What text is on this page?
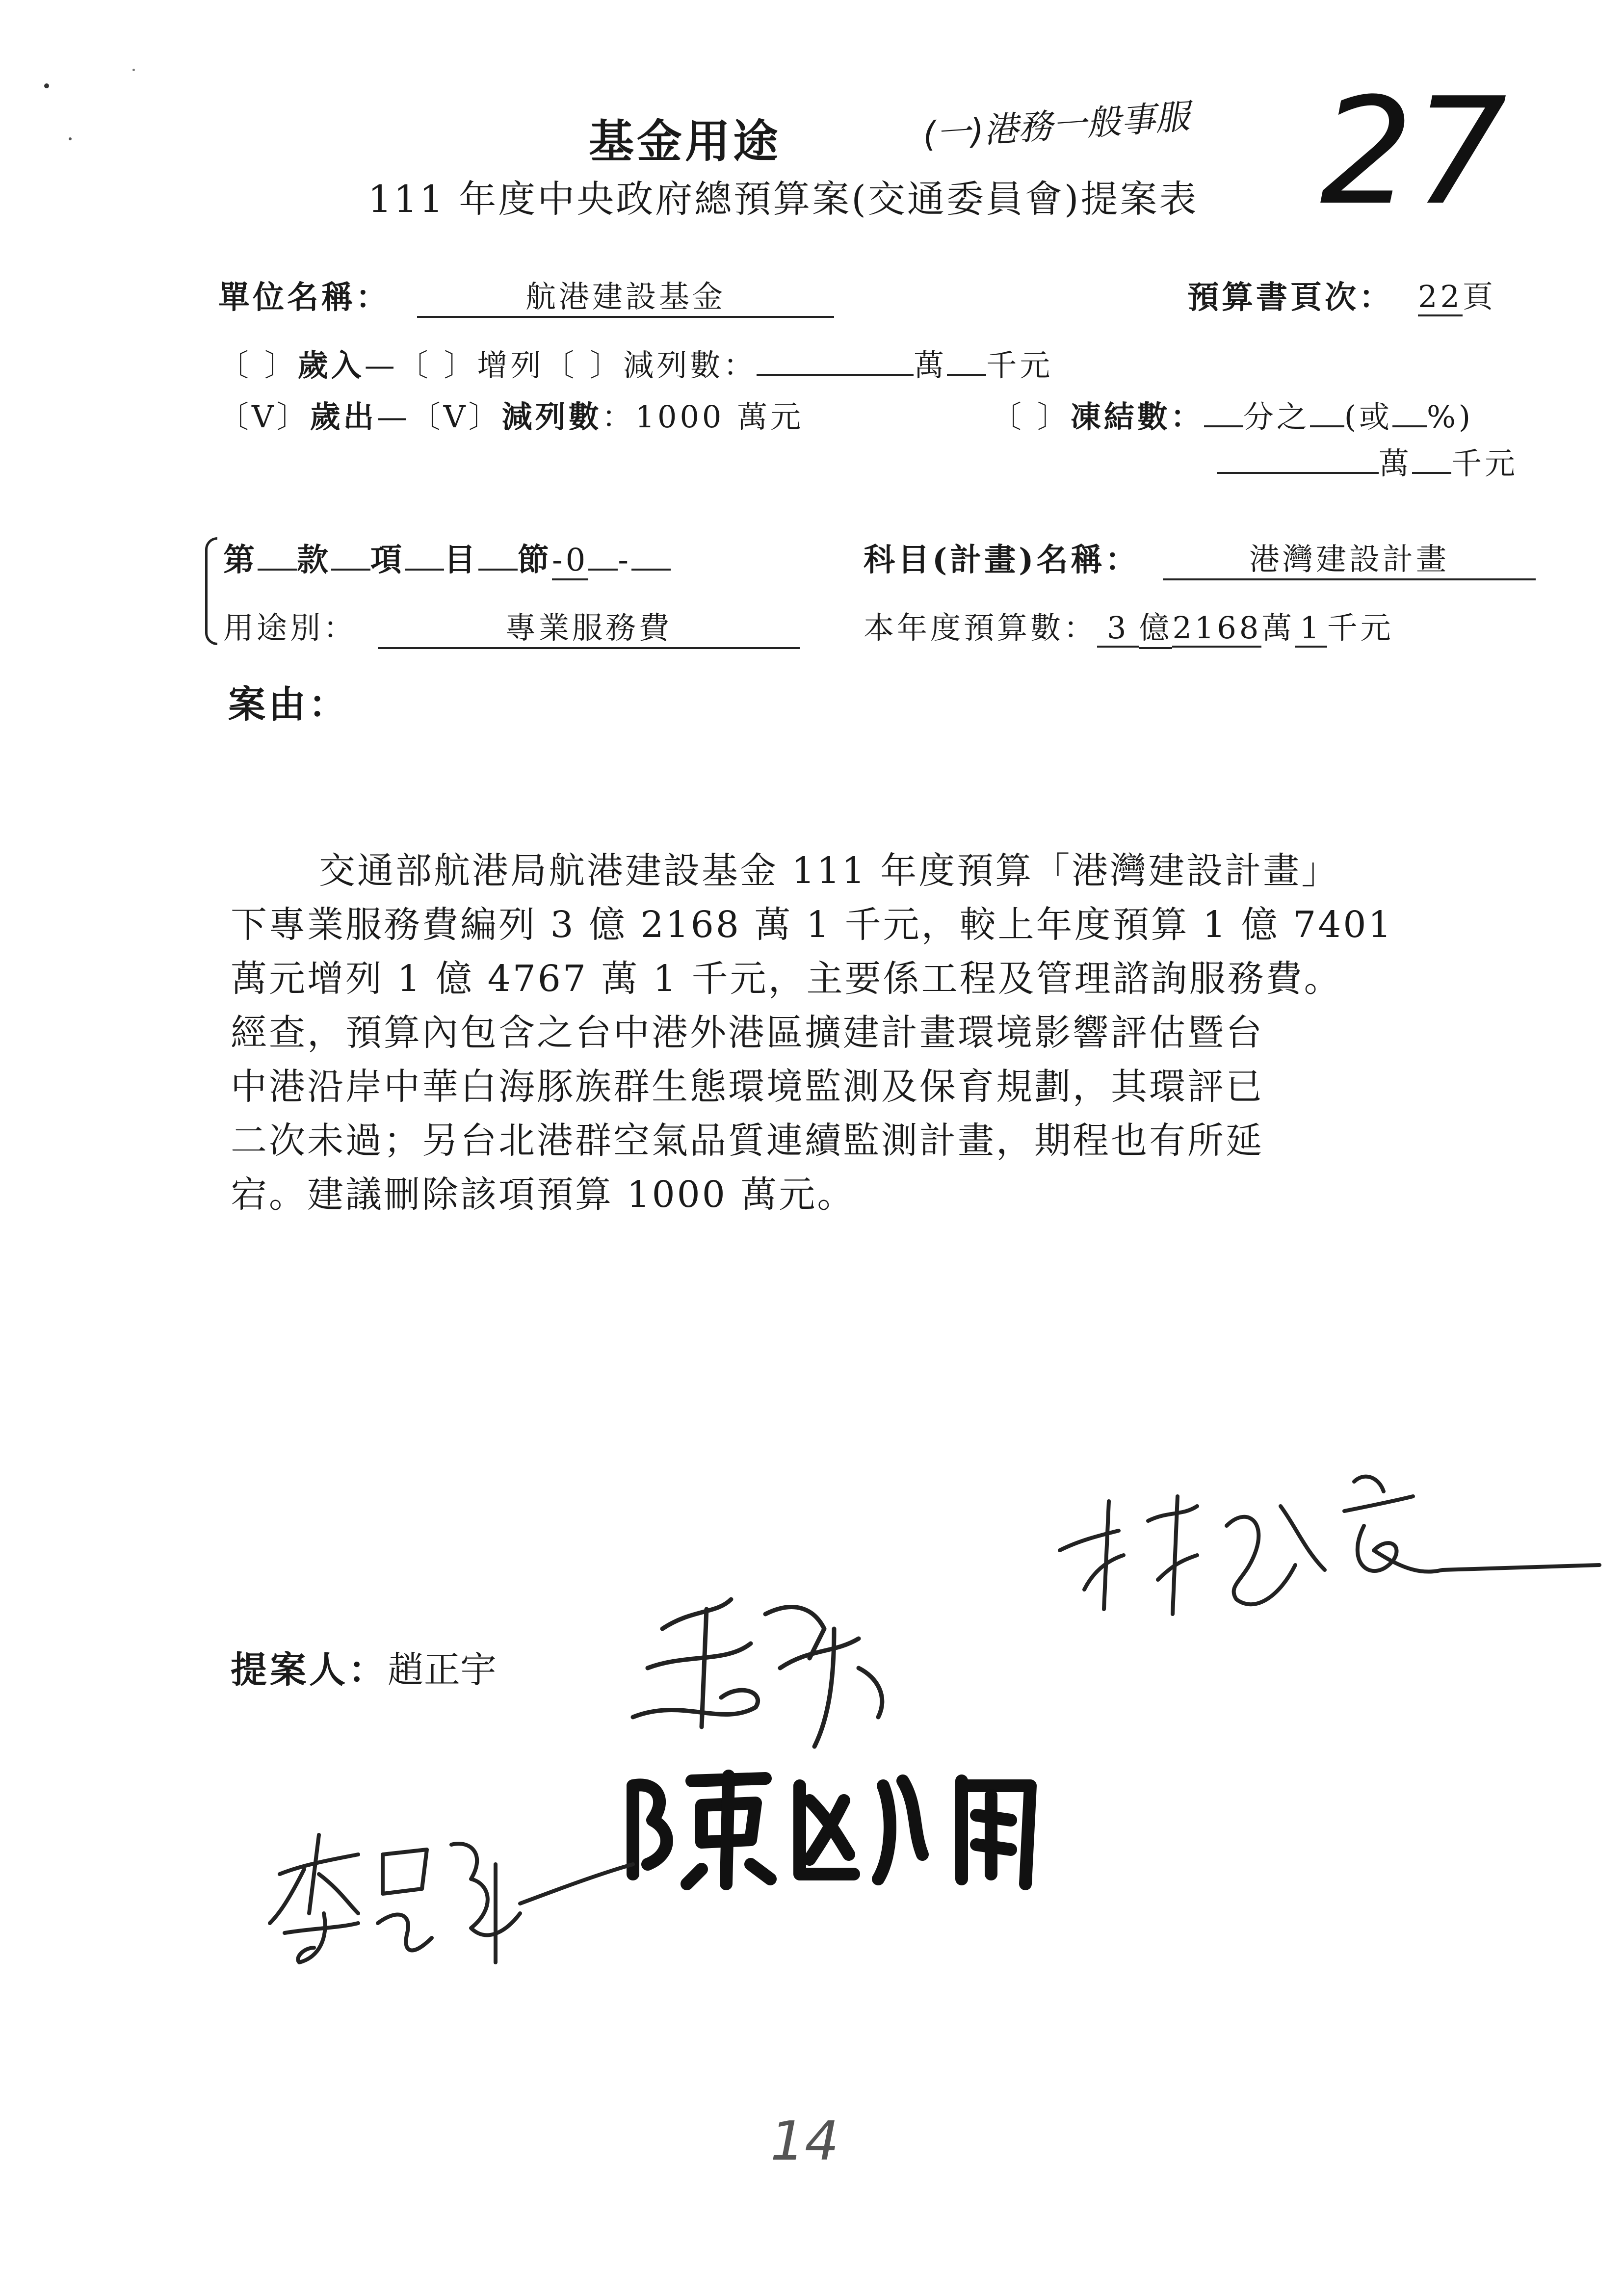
基金用途	(一)港務一般事服 27
111 年度中央政府總預算案(交通委員會)提案表
單位名稱：	航港建設基金	預算書頁次： 22頁
〔 〕歲入—〔 〕增列〔 〕減列數：	萬 千元
〔V〕歲出—〔V〕減列數：1000 萬元	〔 〕凍結數： 分之 (或 %)
萬 千元
第 款 項 目 節-0 -	科目(計畫)名稱：	港灣建設計畫
用途別：	專業服務費	本年度預算數： 3 億2168萬 1 千元
案由：
交通部航港局航港建設基金 111 年度預算「港灣建設計畫」
下專業服務費編列 3 億 2168 萬 1 千元，較上年度預算 1 億 7401
萬元增列 1 億 4767 萬 1 千元，主要係工程及管理諮詢服務費。
經查，預算內包含之台中港外港區擴建計畫環境影響評估暨台
中港沿岸中華白海豚族群生態環境監測及保育規劃，其環評已
二次未過；另台北港群空氣品質連續監測計畫，期程也有所延
宕。建議刪除該項預算 1000 萬元。
提案人：趙正宇
14
